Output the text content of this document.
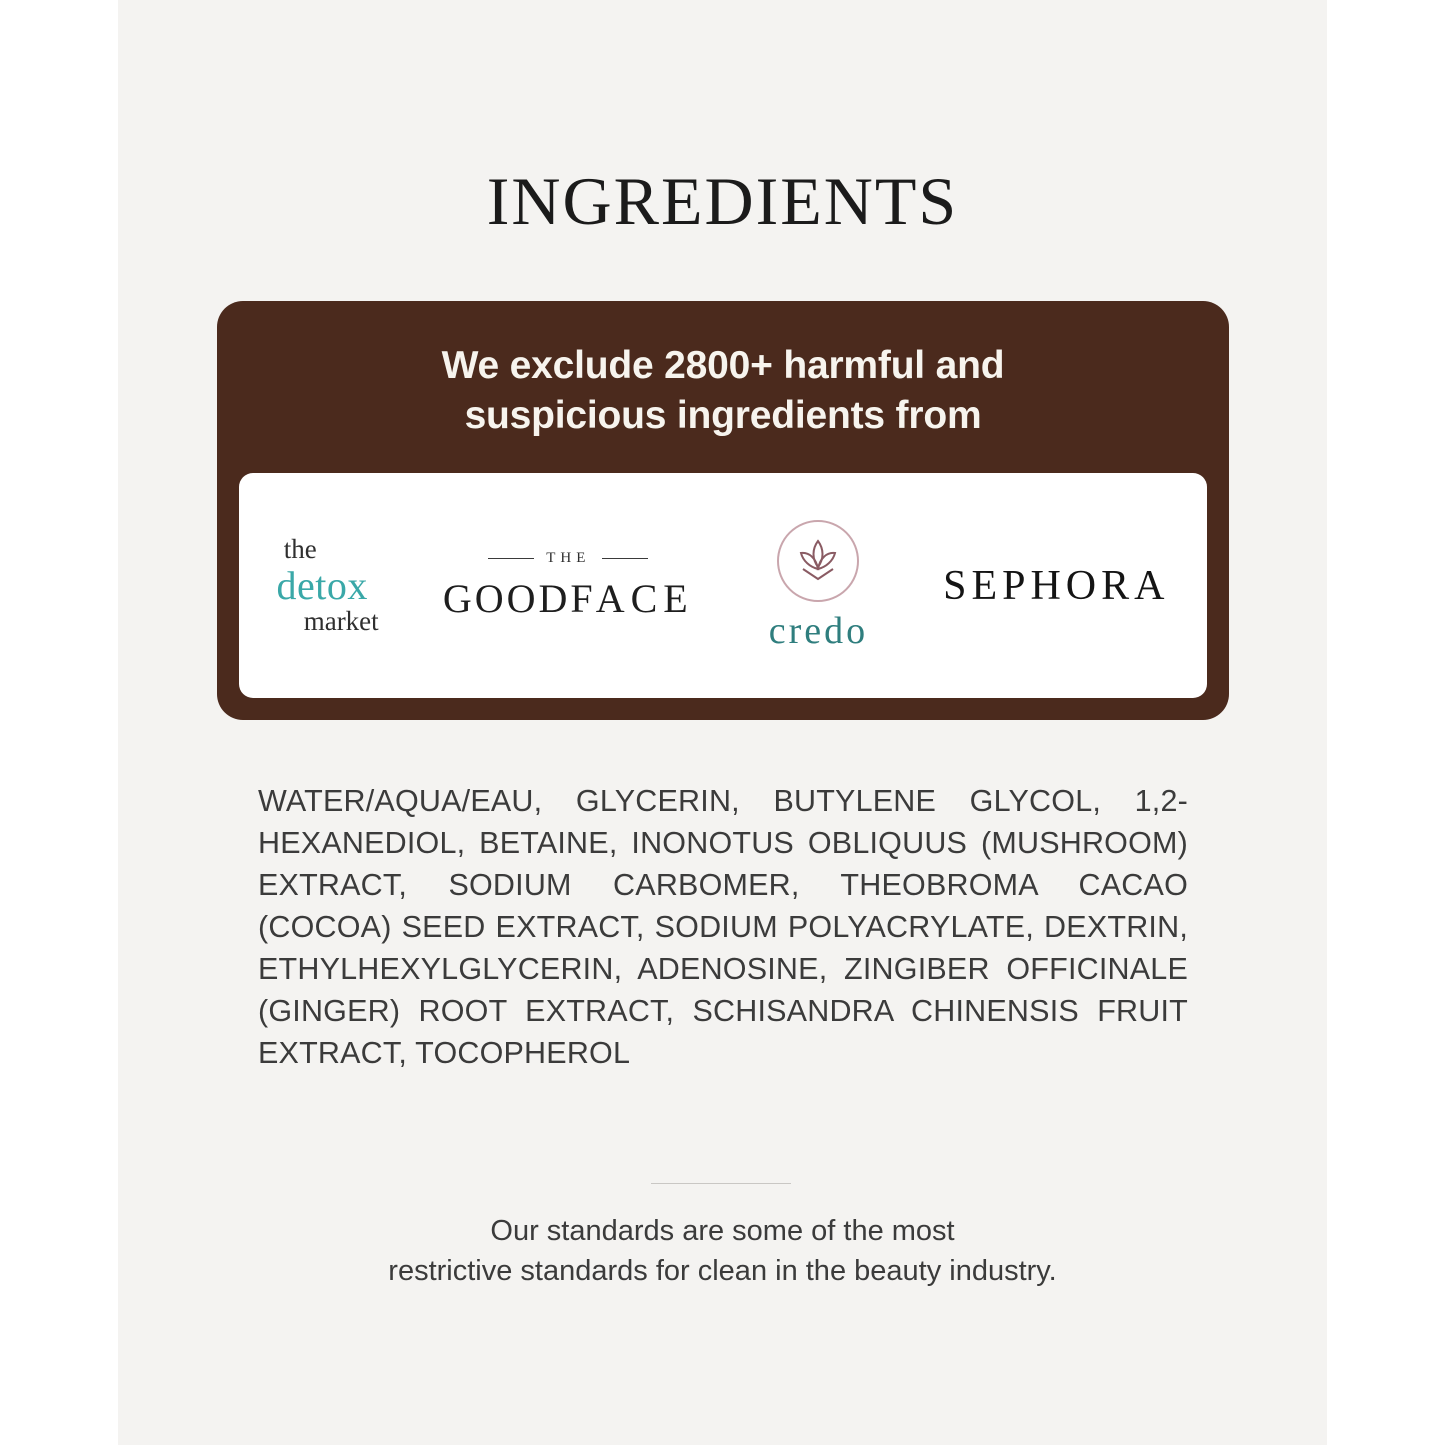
INGREDIENTS
We exclude 2800+ harmful and
suspicious ingredients from
the
detox
market
THE
GOODFACE
credo
SEPHORA
WATER/AQUA/EAU, GLYCERIN, BUTYLENE GLYCOL, 1,2-HEXANEDIOL, BETAINE, INONOTUS OBLIQUUS (MUSHROOM) EXTRACT, SODIUM CARBOMER, THEOBROMA CACAO (COCOA) SEED EXTRACT, SODIUM POLYACRYLATE, DEXTRIN, ETHYLHEXYLGLYCERIN, ADENOSINE, ZINGIBER OFFICINALE (GINGER) ROOT EXTRACT, SCHISANDRA CHINENSIS FRUIT EXTRACT, TOCOPHEROL
Our standards are some of the most
restrictive standards for clean in the beauty industry.
